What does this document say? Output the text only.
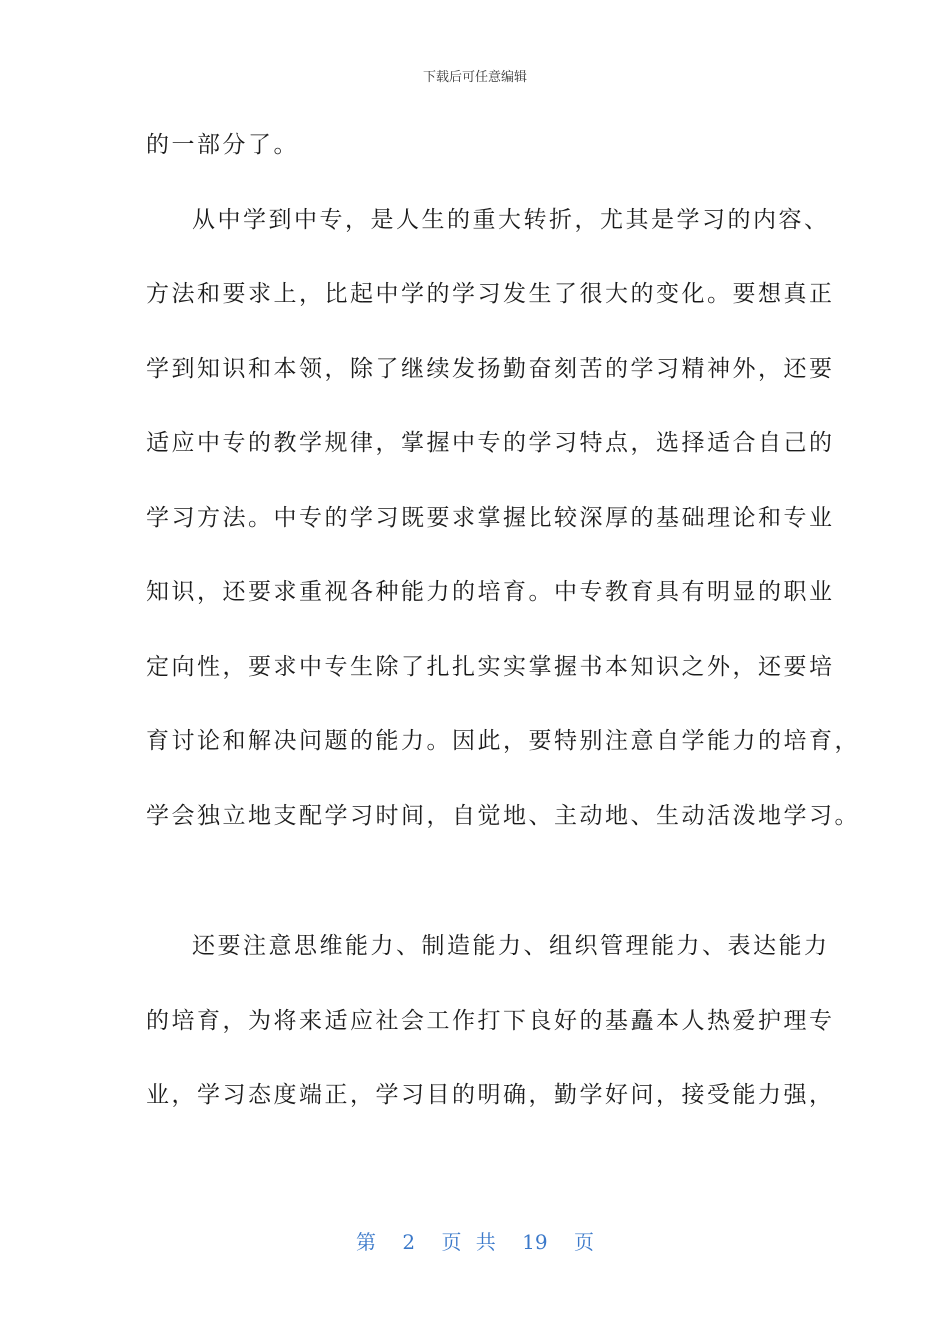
下载后可任意编辑
的一部分了。
从中学到中专，是人生的重大转折，尤其是学习的内容、
方法和要求上，比起中学的学习发生了很大的变化。要想真正
学到知识和本领，除了继续发扬勤奋刻苦的学习精神外，还要
适应中专的教学规律，掌握中专的学习特点，选择适合自己的
学习方法。中专的学习既要求掌握比较深厚的基础理论和专业
知识，还要求重视各种能力的培育。中专教育具有明显的职业
定向性，要求中专生除了扎扎实实掌握书本知识之外，还要培
育讨论和解决问题的能力。因此，要特别注意自学能力的培育，
学会独立地支配学习时间，自觉地、主动地、生动活泼地学习。
还要注意思维能力、制造能力、组织管理能力、表达能力
的培育，为将来适应社会工作打下良好的基矗本人热爱护理专
业，学习态度端正，学习目的明确，勤学好问，接受能力强，
第 2 页 共 19 页
